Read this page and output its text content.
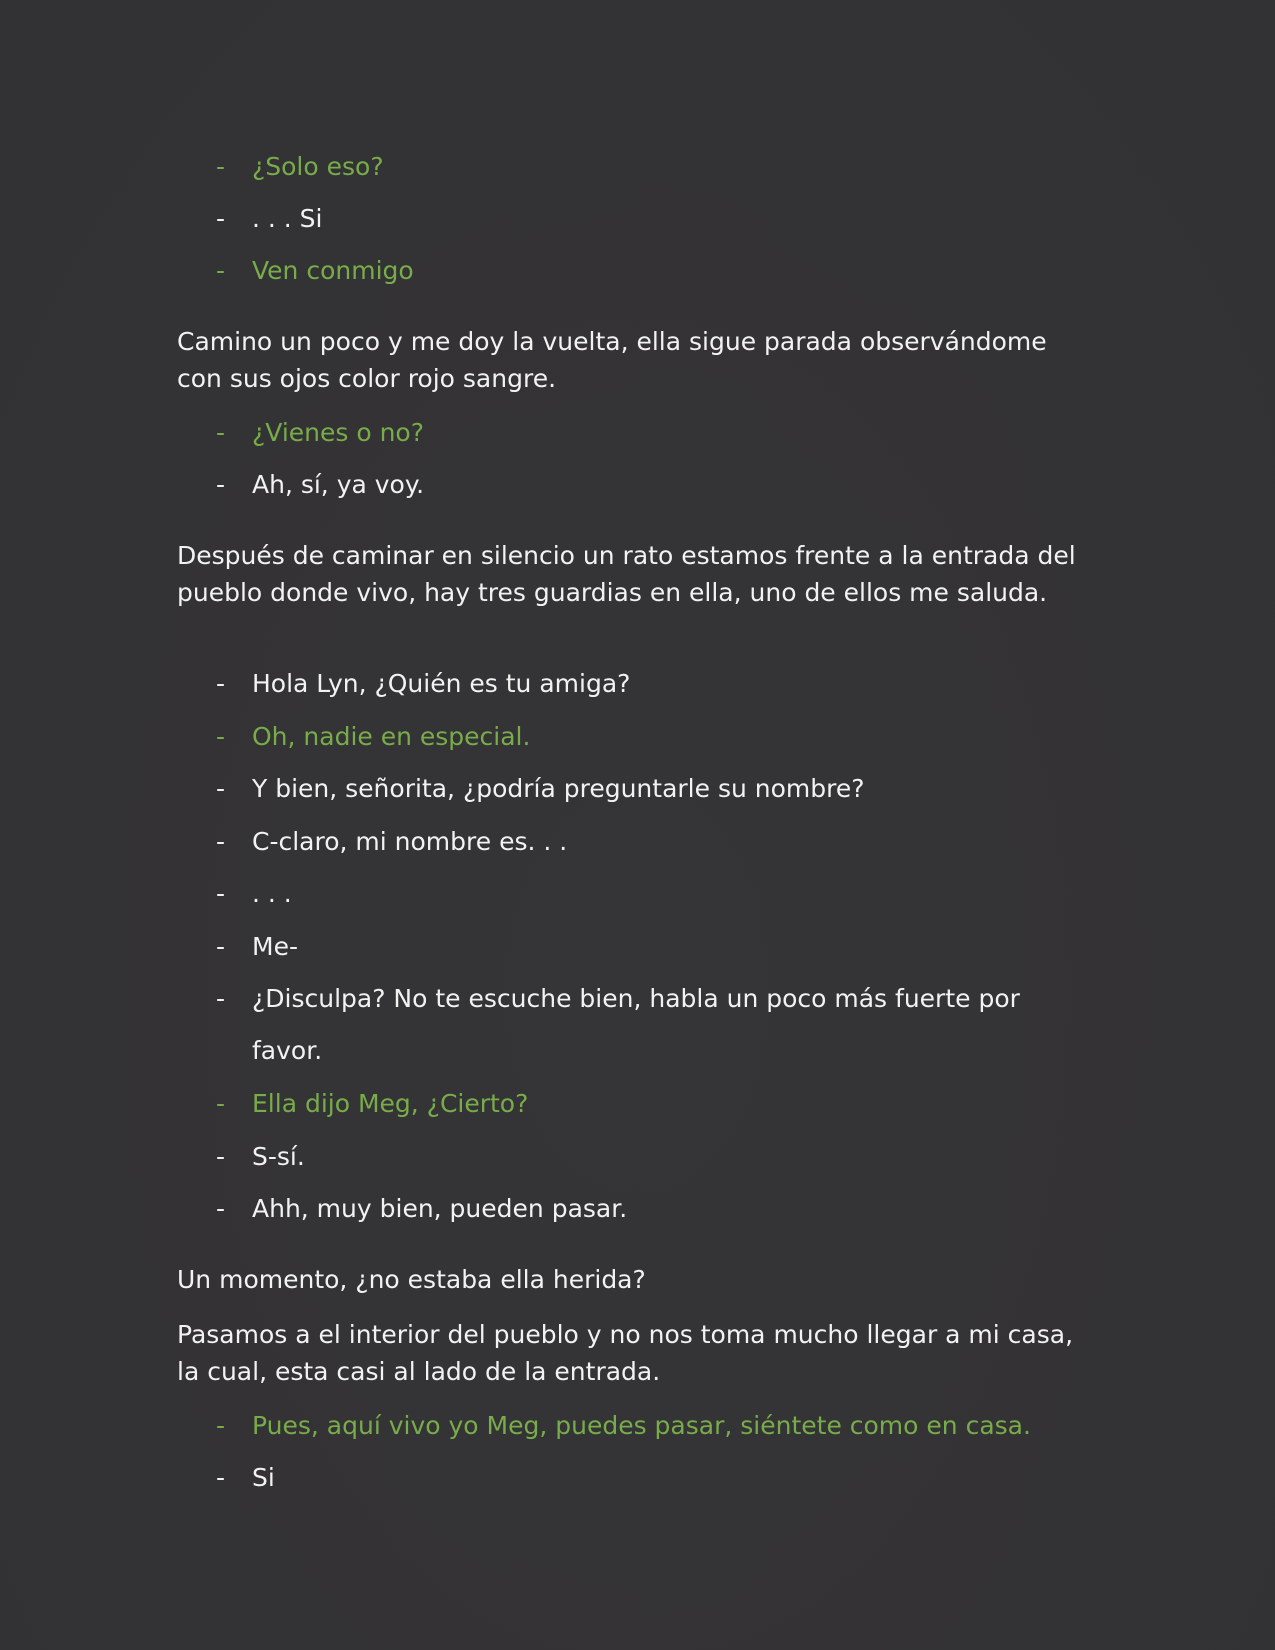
- ¿Solo eso?
- . . . Si
- Ven conmigo
Camino un poco y me doy la vuelta, ella sigue parada observándome con sus ojos color rojo sangre.
- ¿Vienes o no?
- Ah, sí, ya voy.
Después de caminar en silencio un rato estamos frente a la entrada del pueblo donde vivo, hay tres guardias en ella, uno de ellos me saluda.
- Hola Lyn, ¿Quién es tu amiga?
- Oh, nadie en especial.
- Y bien, señorita, ¿podría preguntarle su nombre?
- C-claro, mi nombre es. . .
- . . .
- Me-
- ¿Disculpa? No te escuche bien, habla un poco más fuerte por favor.
- Ella dijo Meg, ¿Cierto?
- S-sí.
- Ahh, muy bien, pueden pasar.
Un momento, ¿no estaba ella herida?
Pasamos a el interior del pueblo y no nos toma mucho llegar a mi casa, la cual, esta casi al lado de la entrada.
- Pues, aquí vivo yo Meg, puedes pasar, siéntete como en casa.
- Si
